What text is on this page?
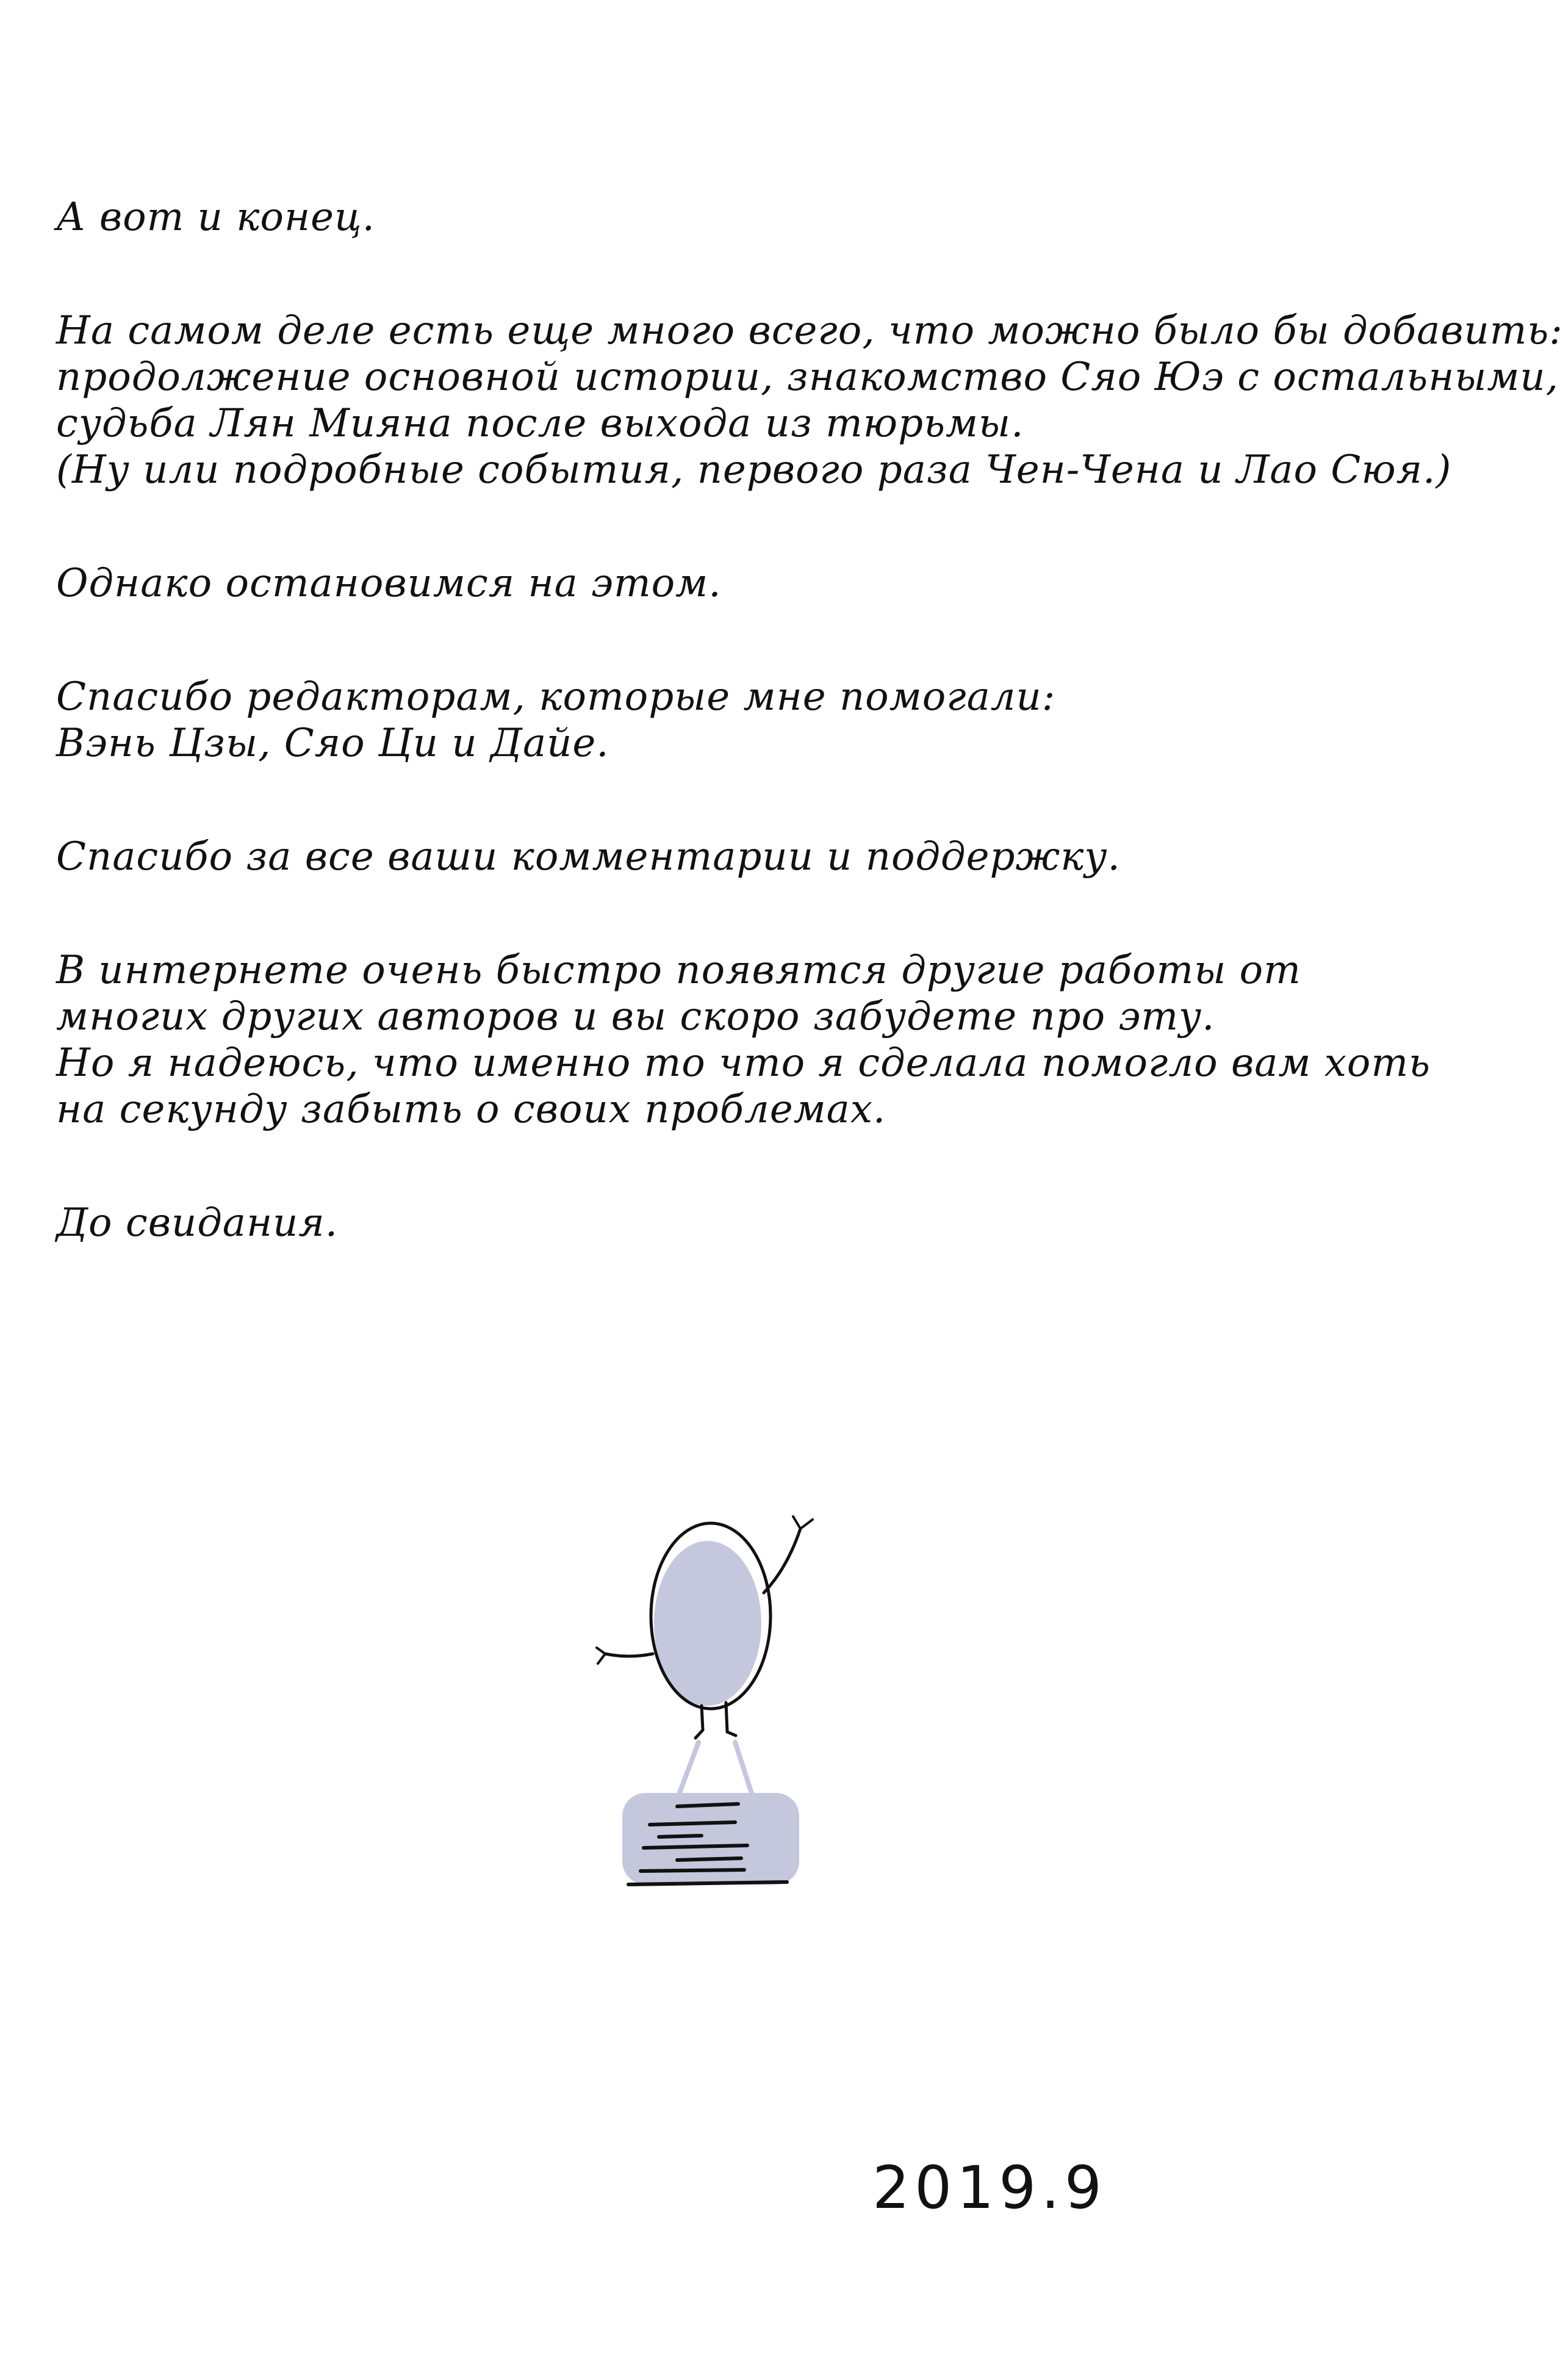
А вот и конец.
На самом деле есть еще много всего, что можно было бы добавить:
продолжение основной истории, знакомство Сяо Юэ с остальными,
судьба Лян Мияна после выхода из тюрьмы.
(Ну или подробные события, первого раза Чен-Чена и Лао Сюя.)
Однако остановимся на этом.
Спасибо редакторам, которые мне помогали:
Вэнь Цзы, Сяо Ци и Дайе.
Спасибо за все ваши комментарии и поддержку.
В интернете очень быстро появятся другие работы от
многих других авторов и вы скоро забудете про эту.
Но я надеюсь, что именно то что я сделала помогло вам хоть
на секунду забыть о своих проблемах.
До свидания.
2019.9
